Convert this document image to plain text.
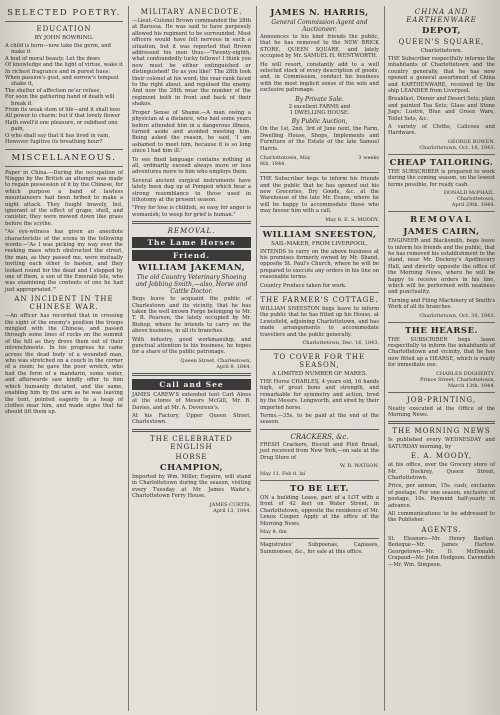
SELECTED POETRY.
EDUCATION
BY JOHN BOWRING.

A child is born—now take the germ, and make it

A bud of moral beauty. Let the dews

Of knowledge and the light of virtue, wake it

In richest fragrance and in purest hues:

When passion's gust, and sorrow's tempest shake it,

The shelter of affection ne'er refuse,

For soon the gathering hand of death will break it

From its weak stem of life—and it shall lose

All power to charm; but if that lovely flower

Hath swell'd one pleasure, or subdued one pain,

O who shall say that it has lived in vain,

However fugitive its breathing hour?

MISCELLANEOUS.

Paper in China.—During the occupation of Ningpo by the British an attempt was made to regain possession of it by the Chinese, for which purpose a band of lawless mountaineers had been bribed to make a night attack. They fought bravely, but, ignorant of the effect of grape, shell, and canister, they were mowed down like grass before the scythe.

"As eye-witness has given an anecdote characteristic of the scene in the following words:—'As I was picking my way over the reeking mass which obstructed the street, the man, as they passed me, were mutually inviting each other to hasten, and they looked round for the dead and I stopped by one of them, a son of the Emerald Isle, who was examining the contents of one he had just appropriated.'"

AN INCIDENT IN THE CHINESE WAR.

—An officer has recorded that in crossing the sight of the enemy's position the troops mingled with the Chinese, and passed through some lines of rocks on the summit of the hill as they drove them out of their intrenchments. In his progress he came across the dead body of a wounded man, who was stretched on a couch in the corner of a room; he gave the poor wretch, who had the form of a mandarin, some water, and afterwards saw kindly offer to him which humanity dictated, and the same, enabling him by the arm as he was leaving the tent, pointed eagerly to a heap of clothes near him, and made signs that he should lift them up.

MILITARY ANECDOTE.

—Lieut.-Colonel Brown commanded the 28th at Barossa. He was said to have purposely allowed his regiment to be surrounded. Most officers would have felt nervous in such a situation, but it was reported that Brown addressed his men thus:—'Twenty-eighth, what confoundedly lucky fellows! I think you now must be either extinguished or distinguished! Do as you like!' The 28th took their colonel at his word; the rear rank faced to the right about, and repulsed the enemy. And now the 28th wear the number of the regiment both in front and back of their shakos.

Proper Sense of Shame.—A man owing a physician at a distance, who had some years before attended him in a dangerous illness, turned aside and avoided meeting him. Being asked the reason, he said, 'I am ashamed to meet him, because it is so long since I had him ill.'

To see fixed language contains nothing at all, ordinarily exceed always more or less adventures more to him who employs them.

Several ancient surgical instruments have lately been dug up at Pompeii which bear a strong resemblance to those used in lithotomy at the present season.

"Prey for lose is childish, so easy for anger is womanish; to weep for grief is human."

REMOVAL.
The Lame Horses
Friend.
WILLIAM JAKEMAN,
The old Country Veterinary Shoeing and Jobbing Smith,—also, Horse and Cattle Doctor.

Begs leave to acquaint the public of Charlestown and its vicinity, that he has taken the well known Forge belonging to Mr. T. B. Pearson, the lately occupied by Mr. Bishop, where he intends to carry on the above business, in all its branches.

With industry, good workmanship, and punctual attention to his business, he hopes for a share of the public patronage.

Queen Street, Charlestown,
April 8, 1844.
Call and See

JAMES CAREW'S extended tent Cart Aloes at the stores of Messrs McGill, Mr. B. Davies, and at Mr. A. Devereux's.

At his Factory, Upper Queen Street, Charlestown.

THE CELEBRATED ENGLISH
HORSE
CHAMPION,

Imported by Wm. Miller, Esquire, will stand in Charlottetown during the season, visiting every Tuesday at Mr. James Waite's, Charlottetown Ferry House.

JAMES CURTIS,
April 13, 1844.
JAMES N. HARRIS,
General Commission Agent and Auctioneer.

Announces to his kind friends the public, that he has removed to the NEW BRICK STORE, QUEEN SQUARE, and lately occupied by Mr. SAMUEL H. WENTWORTH.

He will resort, constantly add to a well selected stock of every description of goods, and, in Commission, conduct his business with the most implicit sense of the sole and exclusive patronage.

By Private Sale.

2 excellent FARMS and
1 DWELLING HOUSE.

By Public Auction,

On the 1st, 2nd, 3rd of June next, the Farm, Dwelling House, Shops, Implements and Furniture of the Estate of the late Samuel Harris.

Charlottetown, May
8th, 1844.
3 weeks

THE Subscriber begs to inform his friends and the public that he has opened out his new Groceries, Dry Goods, &c. at the Warehouse of the late Mr. Evans, where he will be happy to accommodate those who may favour him with a call.

May 8. E. S. MOODY.
WILLIAM SNEESTON,
SAIL-MAKER, FROM LIVERPOOL,

INTENDS to carry on the above business at his premises formerly owned by Mr. Shand, opposite St. Paul's Church, where he will be prepared to execute any orders in his line on reasonable terms.

Country Produce taken for work.

THE FARMER'S COTTAGE.

WILLIAM SNEESTON begs leave to inform the public that he has fitted up his House, at Lewisfield, adjoining Charlottetown, and has made arrangements to accommodate travellers and the public generally.

Charlottetown, Dec. 16, 1843.
TO COVER FOR THE SEASON,
A LIMITED NUMBER OF MARES.

THE Horse CHARLES, 4 years old, 16 hands high, of great bone and strength, and remarkable for symmetry and action, bred by the Messrs. Longworth, and sired by their imported horse.

Terms.—35s. to be paid at the end of the season.

CRACKERS, &c.

FRESH Crackers, Biscuit and Pilot Bread, just received from New York,—on sale at the Drug Store of

W. R. WATSON.
May 11. Feb 8. lsi
TO BE LET.

ON a building Lease, part of a LOT with a front of 42 feet on Water Street, in Charlottetown, opposite the residence of Mr. Lenox Cooper. Apply at the office of the Morning News.

May 8. 6m

Magistrates' Subpoenas, Capiases, Summonses, &c., for sale at this office.

CHINA AND EARTHENWARE
DEPOT,
QUEEN'S SQUARE,
Charlottetown.

THE Subscriber respectfully informs the inhabitants of Charlottetown and the country generally, that he has now opened a general assortment of China and EARTHENWARE, received by the ship LEANDER from Liverpool.

Breakfast, Dinner and Desert Sets; plain and painted Tea Sets; Glass and Stone Jugs; Lustre, Blue and Green Ware, Toilet Sets, &c.

A variety of Cloths, Calicoes and Hardware.

GEORGE BOWEN.
Charlottetown, Oct. 18, 1843.
CHEAP TAILORING.

THE SUBSCRIBER is prepared to work during the coming season, on the lowest terms possible, for ready cash.

DONALD McPHAIL.
Charlottetown,
April 29th, 1844.
REMOVAL
JAMES CAIRN,

ENGINEER and Blacksmith, begs leave to inform his friends and the public, that he has removed his establishment to the stand, near Mr. Dockrey's Apothecary Hall, and directly opposite the office of the Morning News, where he will be happy to receive orders in his line, which will be performed with neatness and punctuality.

Turning and Filing Machinery of Smith's Work of all its branches.

Charlottetown, Oct. 30, 1843.
THE HEARSE.

THE SUBSCRIBER begs leave respectfully to inform the inhabitants of Charlottetown and vicinity, that he has now fitted up a HEARSE, which is ready for immediate use.

CHARLES DOGHERTY.
Prince Street, Charlottetown,
March 13th, 1844.
JOB-PRINTING,

Neatly executed at the Office of the Morning News.

THE MORNING NEWS

Is published every WEDNESDAY and SATURDAY morning, by

E. A. MOODY,

at his office, over the Grocery store of Mr. Dockrey, Queen Street, Charlottetown.

Price, per annum, 15s. cash, exclusive of postage. For one season, exclusive of postage, 10s. Payment half-yearly in advance.

All communications to be addressed to the Publisher.

AGENTS.

St. Eleanors—Mr. Henry Bastian. Bedeque—Mr. James Harlow. Georgetown—Mr. D. McDonald. Crapaud—Mr. John Hodgson. Cavendish—Mr. Wm. Simpson.
